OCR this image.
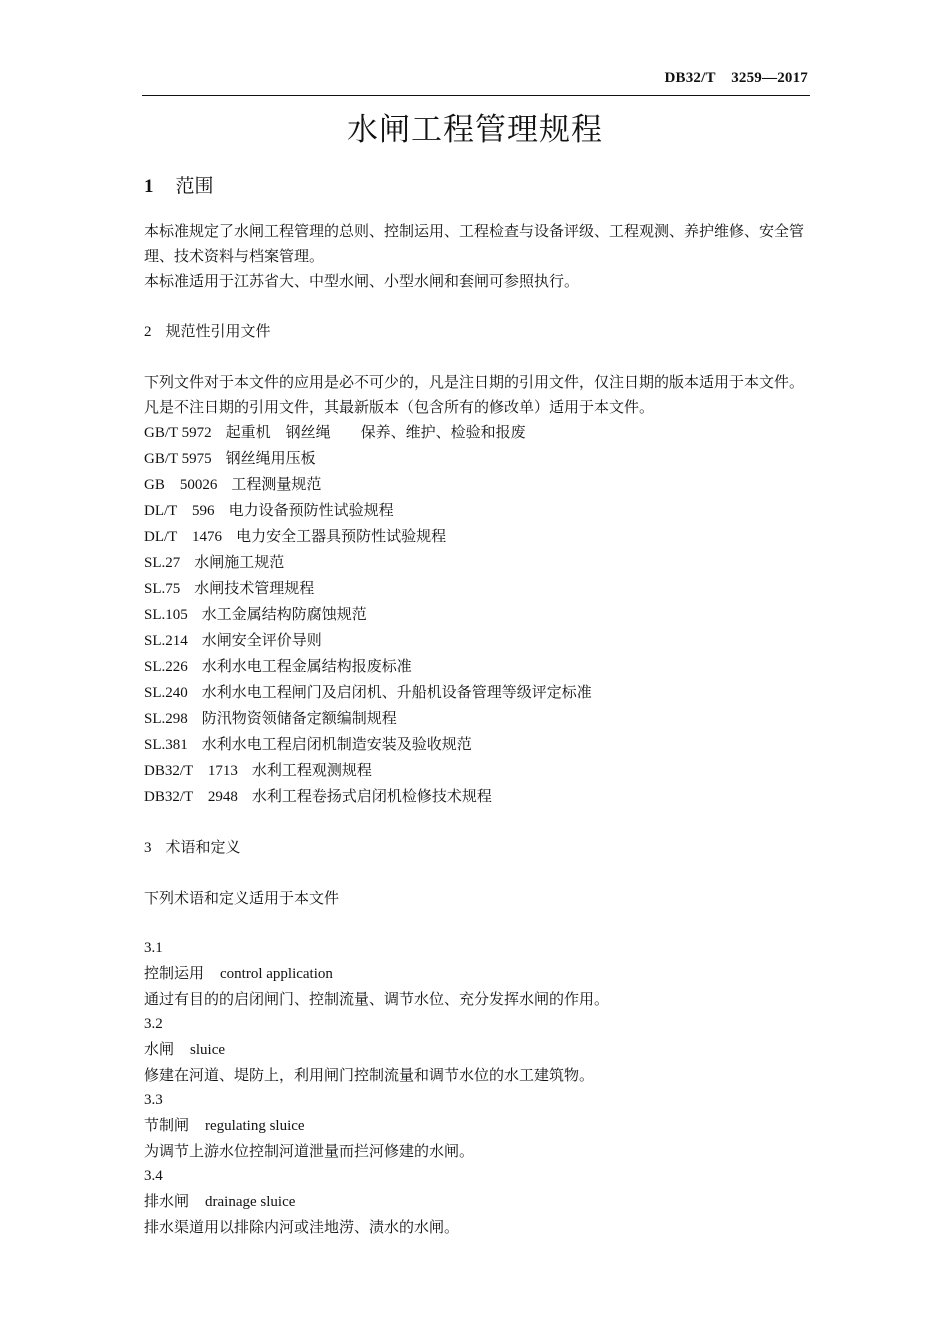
DB32/T    3259—2017
水闸工程管理规程
1 范围

本标准规定了水闸工程管理的总则、控制运用、工程检查与设备评级、工程观测、养护维修、安全管理、技术资料与档案管理。

本标准适用于江苏省大、中型水闸、小型水闸和套闸可参照执行。

2 规范性引用文件

下列文件对于本文件的应用是必不可少的，凡是注日期的引用文件，仅注日期的版本适用于本文件。凡是不注日期的引用文件，其最新版本（包含所有的修改单）适用于本文件。

GB/T 5972 起重机　钢丝绳　　保养、维护、检验和报废

GB/T 5975 钢丝绳用压板

GB　50026 工程测量规范

DL/T　596 电力设备预防性试验规程

DL/T　1476 电力安全工器具预防性试验规程

SL.27 水闸施工规范

SL.75 水闸技术管理规程

SL.105 水工金属结构防腐蚀规范

SL.214 水闸安全评价导则

SL.226 水利水电工程金属结构报废标准

SL.240 水利水电工程闸门及启闭机、升船机设备管理等级评定标准

SL.298 防汛物资领储备定额编制规程

SL.381 水利水电工程启闭机制造安装及验收规范

DB32/T　1713 水利工程观测规程

DB32/T　2948 水利工程卷扬式启闭机检修技术规程

3 术语和定义

下列术语和定义适用于本文件

3.1

控制运用 control application

通过有目的的启闭闸门、控制流量、调节水位、充分发挥水闸的作用。

3.2

水闸 sluice

修建在河道、堤防上，利用闸门控制流量和调节水位的水工建筑物。

3.3

节制闸 regulating sluice

为调节上游水位控制河道泄量而拦河修建的水闸。

3.4

排水闸 drainage sluice

排水渠道用以排除内河或洼地涝、渍水的水闸。
